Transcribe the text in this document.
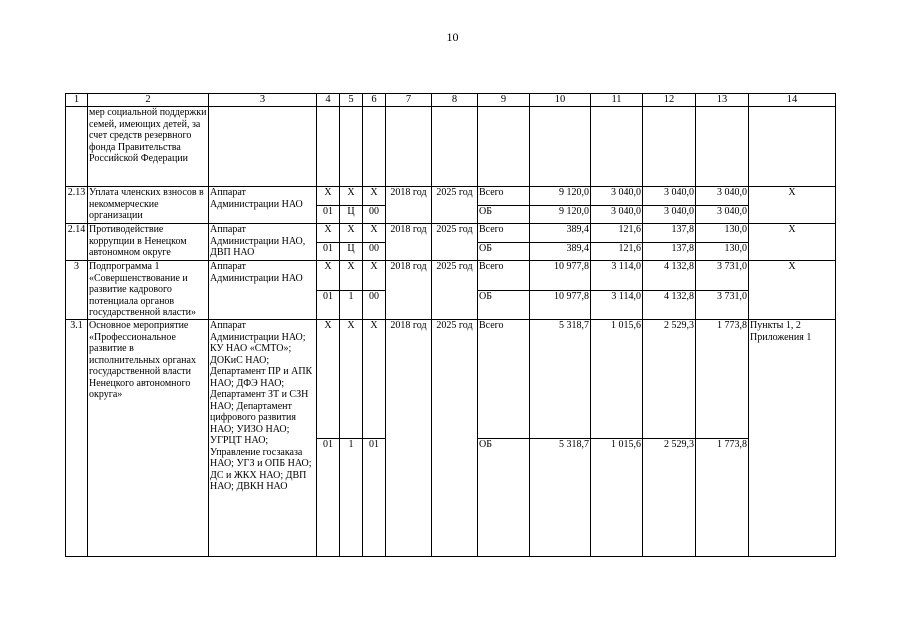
10
1	2	3	4	5	6	7	8	9	10	11	12	13	14
	мер социальной поддержки семей, имеющих детей, за счет средств резервного фонда Правительства Российской Федерации												
2.13	Уплата членских взносов в некоммерческие организации	Аппарат Администрации НАО	Х	Х	Х	2018 год	2025 год	Всего	9 120,0	3 040,0	3 040,0	3 040,0	Х
			01	Ц	00			ОБ	9 120,0	3 040,0	3 040,0	3 040,0	
2.14	Противодействие коррупции в Ненецком автономном округе	Аппарат Администрации НАО, ДВП НАО	Х	Х	Х	2018 год	2025 год	Всего	389,4	121,6	137,8	130,0	Х
			01	Ц	00			ОБ	389,4	121,6	137,8	130,0	
3	Подпрограмма 1 «Совершенствование и развитие кадрового потенциала органов государственной власти»	Аппарат Администрации НАО	Х	Х	Х	2018 год	2025 год	Всего	10 977,8	3 114,0	4 132,8	3 731,0	Х
			01	1	00			ОБ	10 977,8	3 114,0	4 132,8	3 731,0	
3.1	Основное мероприятие «Профессиональное развитие в исполнительных органах государственной власти Ненецкого автономного округа»	Аппарат Администрации НАО; КУ НАО «СМТО»; ДОКиС НАО; Департамент ПР и АПК НАО; ДФЭ НАО; Департамент ЗТ и СЗН НАО; Департамент цифрового развития НАО; УИЗО НАО; УГРЦТ НАО; Управление госзаказа НАО; УГЗ и ОПБ НАО; ДС и ЖКХ НАО; ДВП НАО; ДВКН НАО	Х	Х	Х	2018 год	2025 год	Всего	5 318,7	1 015,6	2 529,3	1 773,8	Пункты 1, 2 Приложения 1
			01	1	01			ОБ	5 318,7	1 015,6	2 529,3	1 773,8	
